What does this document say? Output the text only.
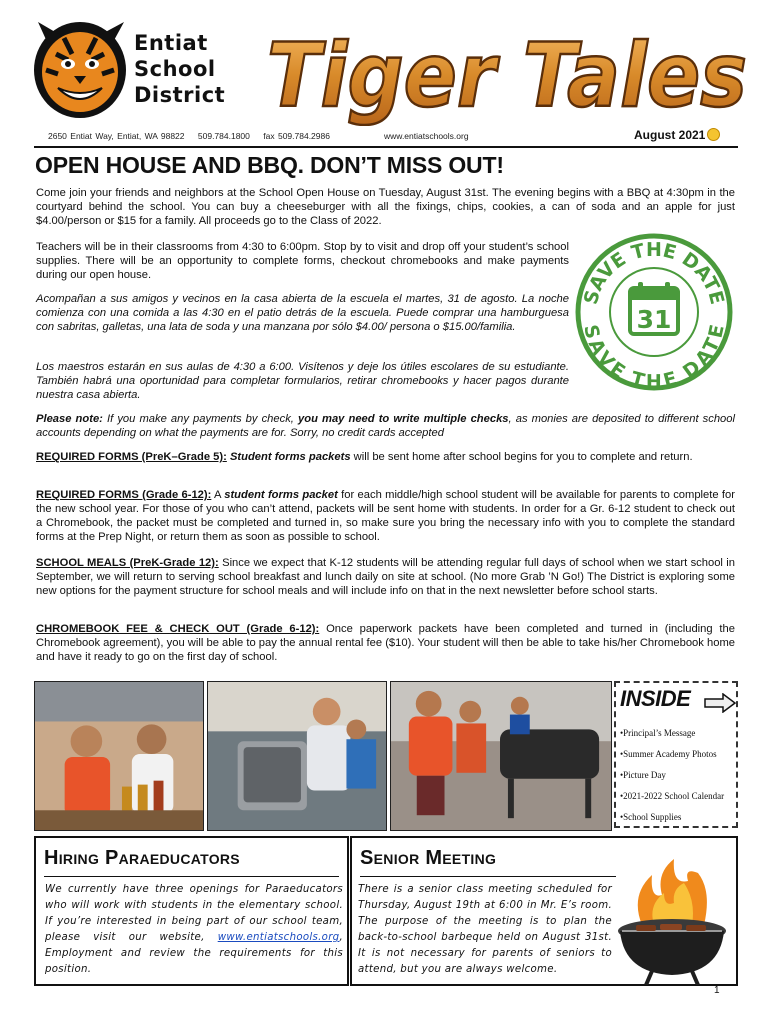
Entiat
School
District Tiger Tales
2650 Entiat Way, Entiat, WA 98822 509.784.1800 fax 509.784.2986	www.entiatschools.org	August 2021
OPEN HOUSE AND BBQ. DON’T MISS OUT!

Come join your friends and neighbors at the School Open House on Tuesday, August 31st. The evening begins with a BBQ at 4:30pm in the courtyard behind the school. You can buy a cheeseburger with all the fixings, chips, cookies, a can of soda and an apple for just $4.00/person or $15 for a family. All proceeds go to the Class of 2022.

Teachers will be in their classrooms from 4:30 to 6:00pm. Stop by to visit and drop off your student’s school supplies. There will be an opportunity to complete forms, checkout chromebooks and make payments during our open house.

Acompañan a sus amigos y vecinos en la casa abierta de la escuela el martes, 31 de agosto. La noche comienza con una comida a las 4:30 en el patio detrás de la escuela. Puede comprar una hamburguesa con sabritas, galletas, una lata de soda y una manzana por sólo $4.00/ persona o $15.00/familia.

Los maestros estarán en sus aulas de 4:30 a 6:00. Visítenos y deje los útiles escolares de su estudiante. También habrá una oportunidad para completar formularios, retirar chromebooks y hacer pagos durante nuestra casa abierta.

SAVE THE DATE
SAVE THE DATE
31

Please note: If you make any payments by check, you may need to write multiple checks, as monies are deposited to different school accounts depending on what the payments are for. Sorry, no credit cards accepted

REQUIRED FORMS (PreK–Grade 5): Student forms packets will be sent home after school begins for you to complete and return.

REQUIRED FORMS (Grade 6-12): A student forms packet for each middle/high school student will be available for parents to complete for the new school year. For those of you who can’t attend, packets will be sent home with students. In order for a Gr. 6-12 student to check out a Chromebook, the packet must be completed and turned in, so make sure you bring the necessary info with you to complete the standard forms at the Prep Night, or return them as soon as possible to school.

SCHOOL MEALS (PreK-Grade 12): Since we expect that K-12 students will be attending regular full days of school when we start school in September, we will return to serving school breakfast and lunch daily on site at school. (No more Grab ’N Go!) The District is exploring some new options for the payment structure for school meals and will include info on that in the next newsletter before school starts.

CHROMEBOOK FEE & CHECK OUT (Grade 6-12): Once paperwork packets have been completed and turned in (including the Chromebook agreement), you will be able to pay the annual rental fee ($10). Your student will then be able to take his/her Chromebook home and have it ready to go on the first day of school.

INSIDE
• Principal’s Message
• Summer Academy Photos
• Picture Day
• 2021-2022 School Calendar
• School Supplies
Hiring Paraeducators

We currently have three openings for Paraeducators who will work with students in the elementary school. If you’re interested in being part of our school team, please visit our website, www.entiatschools.org, Employment and review the requirements for this position.

Senior Meeting

There is a senior class meeting scheduled for Thursday, August 19th at 6:00 in Mr. E’s room. The purpose of the meeting is to plan the back-to-school barbeque held on August 31st. It is not necessary for parents of seniors to attend, but you are always welcome.

1
